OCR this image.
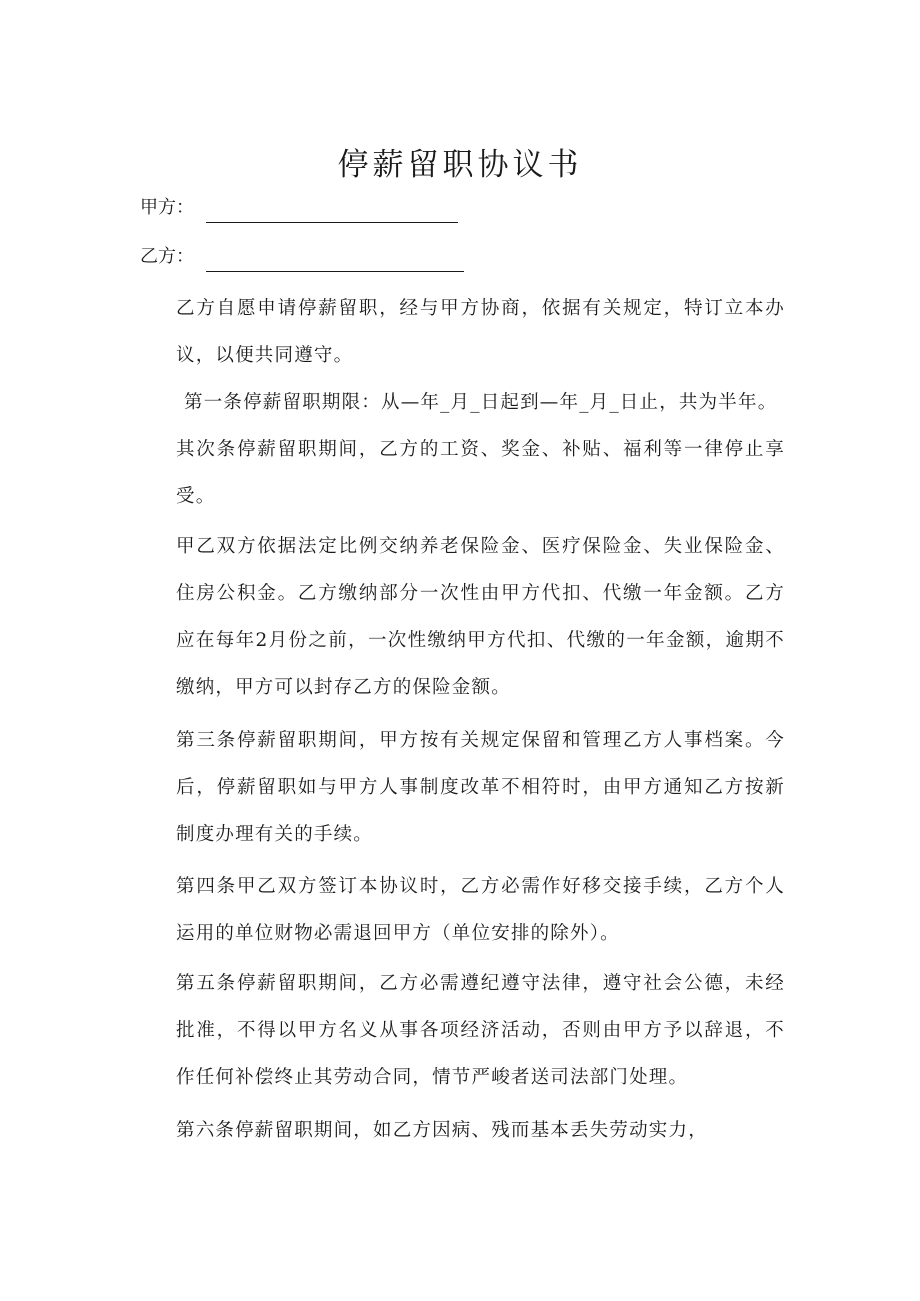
停薪留职协议书
甲方：
乙方：

乙方自愿申请停薪留职，经与甲方协商，依据有关规定，特订立本办议，以便共同遵守。

第一条停薪留职期限：从—年_月_日起到—年_月_日止，共为半年。

其次条停薪留职期间，乙方的工资、奖金、补贴、福利等一律停止享受。

甲乙双方依据法定比例交纳养老保险金、医疗保险金、失业保险金、住房公积金。乙方缴纳部分一次性由甲方代扣、代缴一年金额。乙方应在每年2月份之前，一次性缴纳甲方代扣、代缴的一年金额，逾期不缴纳，甲方可以封存乙方的保险金额。

第三条停薪留职期间，甲方按有关规定保留和管理乙方人事档案。今后，停薪留职如与甲方人事制度改革不相符时，由甲方通知乙方按新制度办理有关的手续。

第四条甲乙双方签订本协议时，乙方必需作好移交接手续，乙方个人运用的单位财物必需退回甲方（单位安排的除外）。

第五条停薪留职期间，乙方必需遵纪遵守法律，遵守社会公德，未经批准，不得以甲方名义从事各项经济活动，否则由甲方予以辞退，不作任何补偿终止其劳动合同，情节严峻者送司法部门处理。

第六条停薪留职期间，如乙方因病、残而基本丢失劳动实力，
